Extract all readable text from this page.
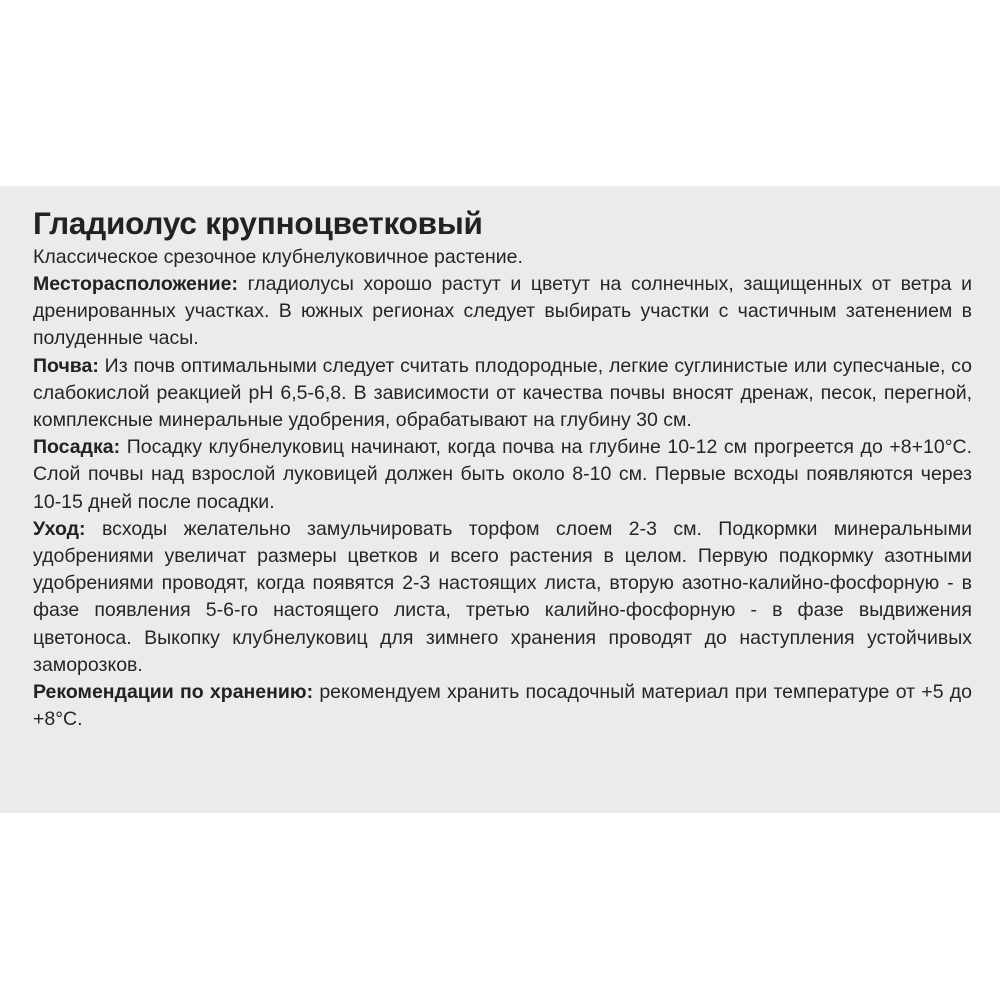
Гладиолус крупноцветковый

Классическое срезочное клубнелуковичное растение.

Месторасположение: гладиолусы хорошо растут и цветут на солнечных, защищенных от ветра и дренированных участках. В южных регионах следует выбирать участки с частичным затенением в полуденные часы.

Почва: Из почв оптимальными следует считать плодородные, легкие суглинистые или супесчаные, со слабокислой реакцией pH 6,5-6,8. В зависимости от качества почвы вносят дренаж, песок, перегной, комплексные минеральные удобрения, обрабатывают на глубину 30 см.

Посадка: Посадку клубнелуковиц начинают, когда почва на глубине 10-12 см прогреется до +8+10°С. Слой почвы над взрослой луковицей должен быть около 8-10 см. Первые всходы появляются через 10-15 дней после посадки.

Уход: всходы желательно замульчировать торфом слоем 2-3 см. Подкормки минеральными удобрениями увеличат размеры цветков и всего растения в целом. Первую подкормку азотными удобрениями проводят, когда появятся 2-3 настоящих листа, вторую азотно-калийно-фосфорную - в фазе появления 5-6-го настоящего листа, третью калийно-фосфорную - в фазе выдвижения цветоноса. Выкопку клубнелуковиц для зимнего хранения проводят до наступления устойчивых заморозков.

Рекомендации по хранению: рекомендуем хранить посадочный материал при температуре от +5 до +8°С.
